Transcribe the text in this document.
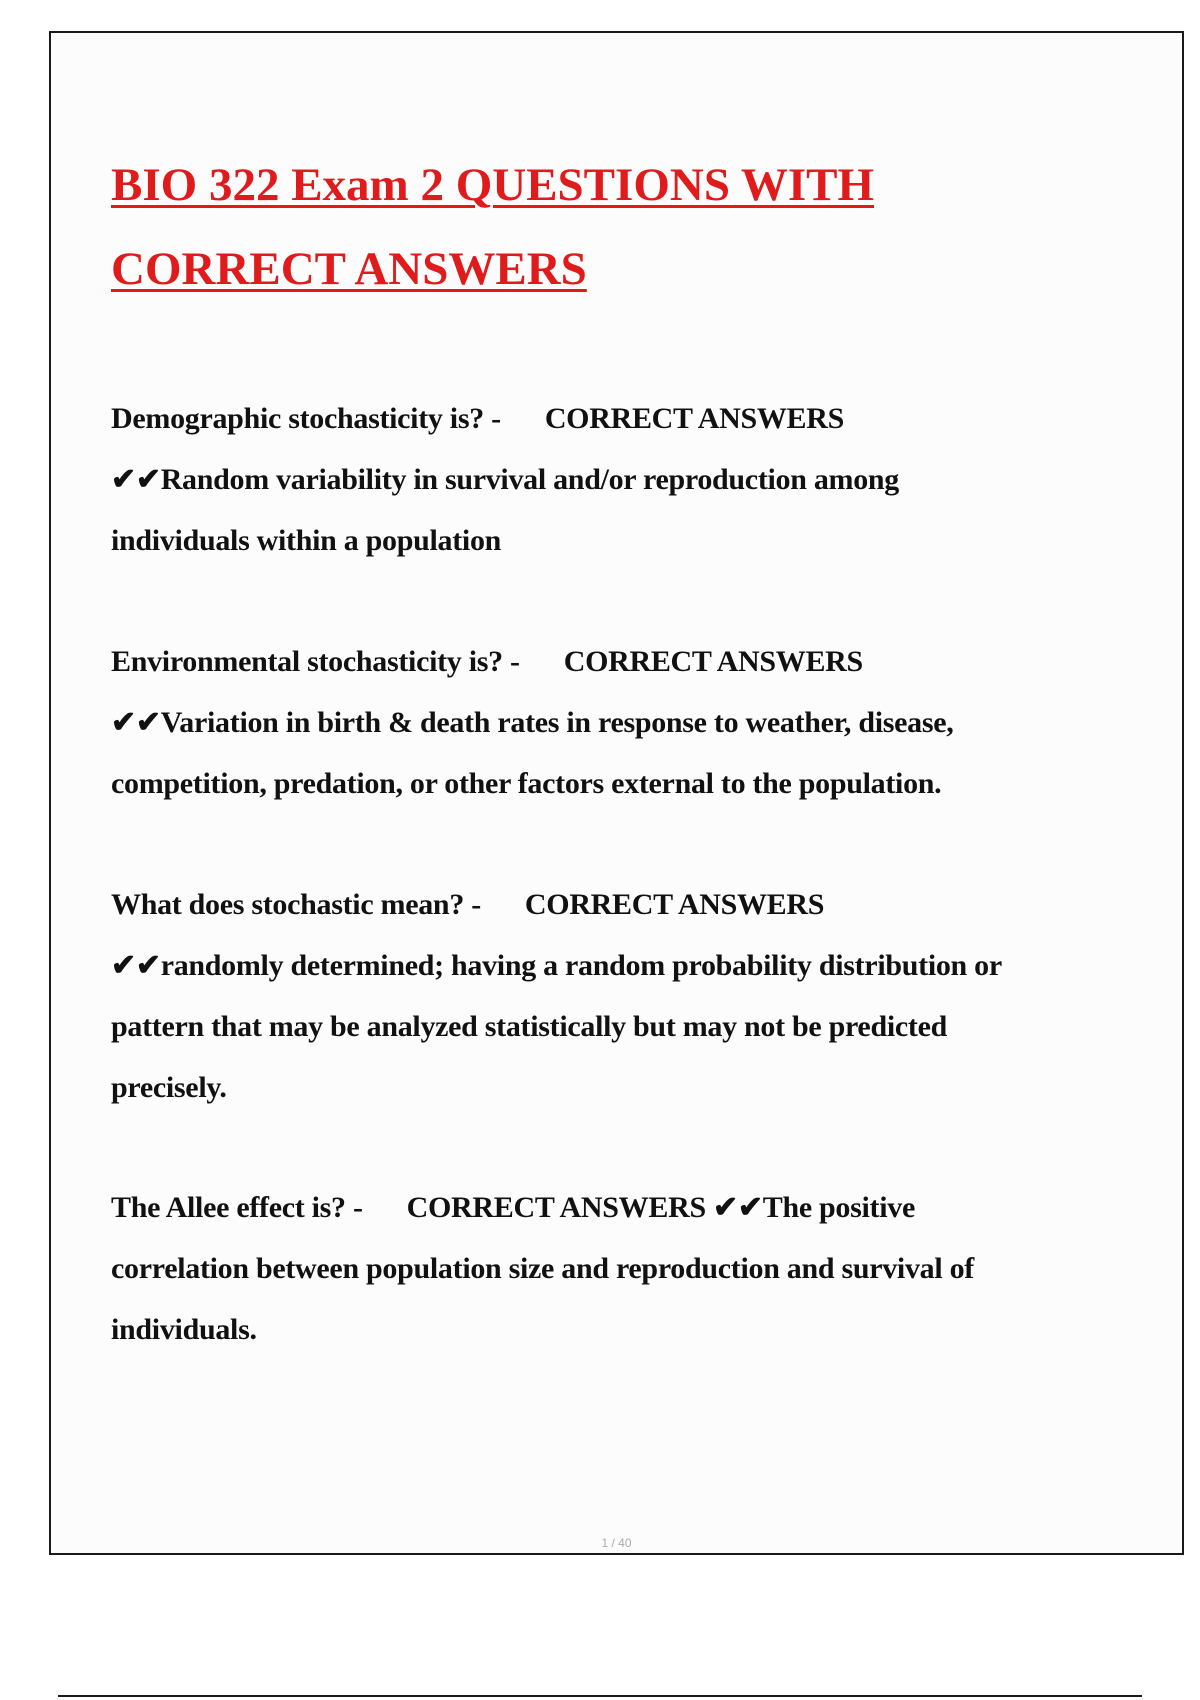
BIO 322 Exam 2 QUESTIONS WITH
CORRECT ANSWERS

Demographic stochasticity is? - CORRECT ANSWERS
✔✔Random variability in survival and/or reproduction among individuals within a population

Environmental stochasticity is? - CORRECT ANSWERS
✔✔Variation in birth & death rates in response to weather, disease, competition, predation, or other factors external to the population.

What does stochastic mean? - CORRECT ANSWERS
✔✔randomly determined; having a random probability distribution or pattern that may be analyzed statistically but may not be predicted precisely.

The Allee effect is? - CORRECT ANSWERS ✔✔The positive correlation between population size and reproduction and survival of individuals.

1 / 40
